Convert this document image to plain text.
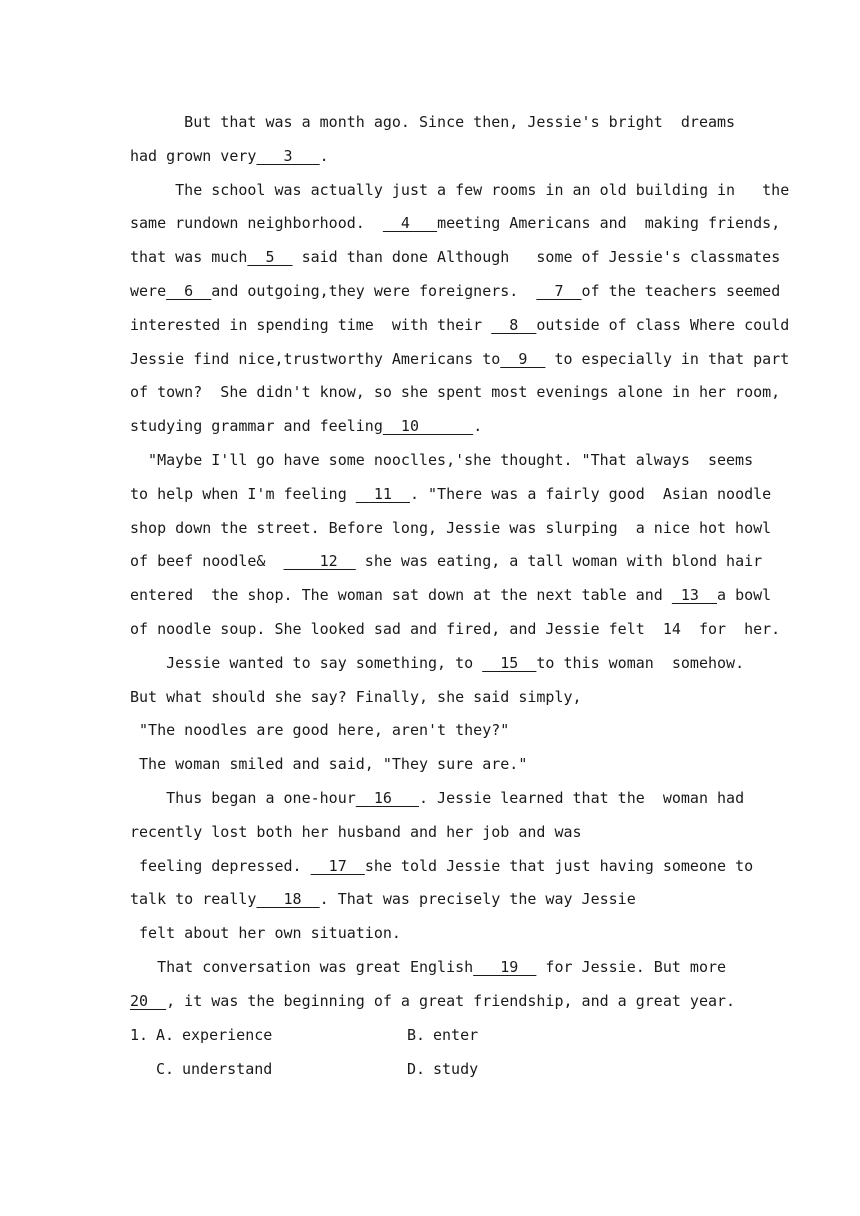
But that was a month ago. Since then, Jessie's bright  dreams
had grown very   3   .
The school was actually just a few rooms in an old building in   the
same rundown neighborhood.    4   meeting Americans and  making friends,
that was much  5   said than done Although   some of Jessie's classmates
were  6  and outgoing,they were foreigners.    7  of the teachers seemed
interested in spending time  with their   8  outside of class Where could
Jessie find nice,trustworthy Americans to  9   to especially in that part
of town?  She didn't know, so she spent most evenings alone in her room,
studying grammar and feeling  10      .
"Maybe I'll go have some nooclles,'she thought. "That always  seems
to help when I'm feeling   11  . "There was a fairly good  Asian noodle
shop down the street. Before long, Jessie was slurping  a nice hot howl
of beef noodle&      12   she was eating, a tall woman with blond hair
entered  the shop. The woman sat down at the next table and  13  a bowl
of noodle soup. She looked sad and fired, and Jessie felt  14  for  her.
Jessie wanted to say something, to   15  to this woman  somehow.
But what should she say? Finally, she said simply,
"The noodles are good here, aren't they?"
The woman smiled and said, "They sure are."
Thus began a one-hour  16   . Jessie learned that the  woman had
recently lost both her husband and her job and was
feeling depressed.   17  she told Jessie that just having someone to
talk to really   18  . That was precisely the way Jessie
felt about her own situation.
That conversation was great English   19   for Jessie. But more
20  , it was the beginning of a great friendship, and a great year.
1. A. experience	B. enter
C. understand	D. study
